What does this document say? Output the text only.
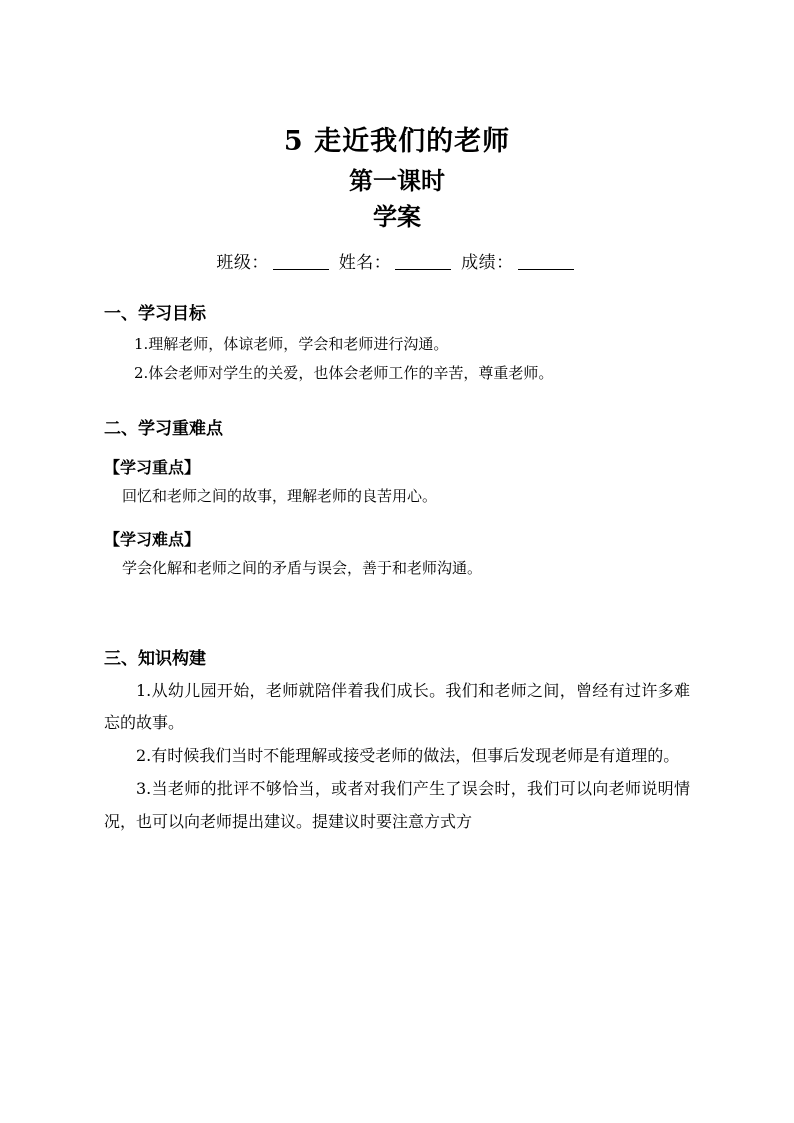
5 走近我们的老师
第一课时
学案
班级：	姓名：	成绩：
一、学习目标

1.理解老师，体谅老师，学会和老师进行沟通。

2.体会老师对学生的关爱，也体会老师工作的辛苦，尊重老师。

二、学习重难点
【学习重点】

回忆和老师之间的故事，理解老师的良苦用心。

【学习难点】

学会化解和老师之间的矛盾与误会，善于和老师沟通。

三、知识构建

1.从幼儿园开始，老师就陪伴着我们成长。我们和老师之间，曾经有过许多难忘的故事。

2.有时候我们当时不能理解或接受老师的做法，但事后发现老师是有道理的。

3.当老师的批评不够恰当，或者对我们产生了误会时，我们可以向老师说明情况，也可以向老师提出建议。提建议时要注意方式方
